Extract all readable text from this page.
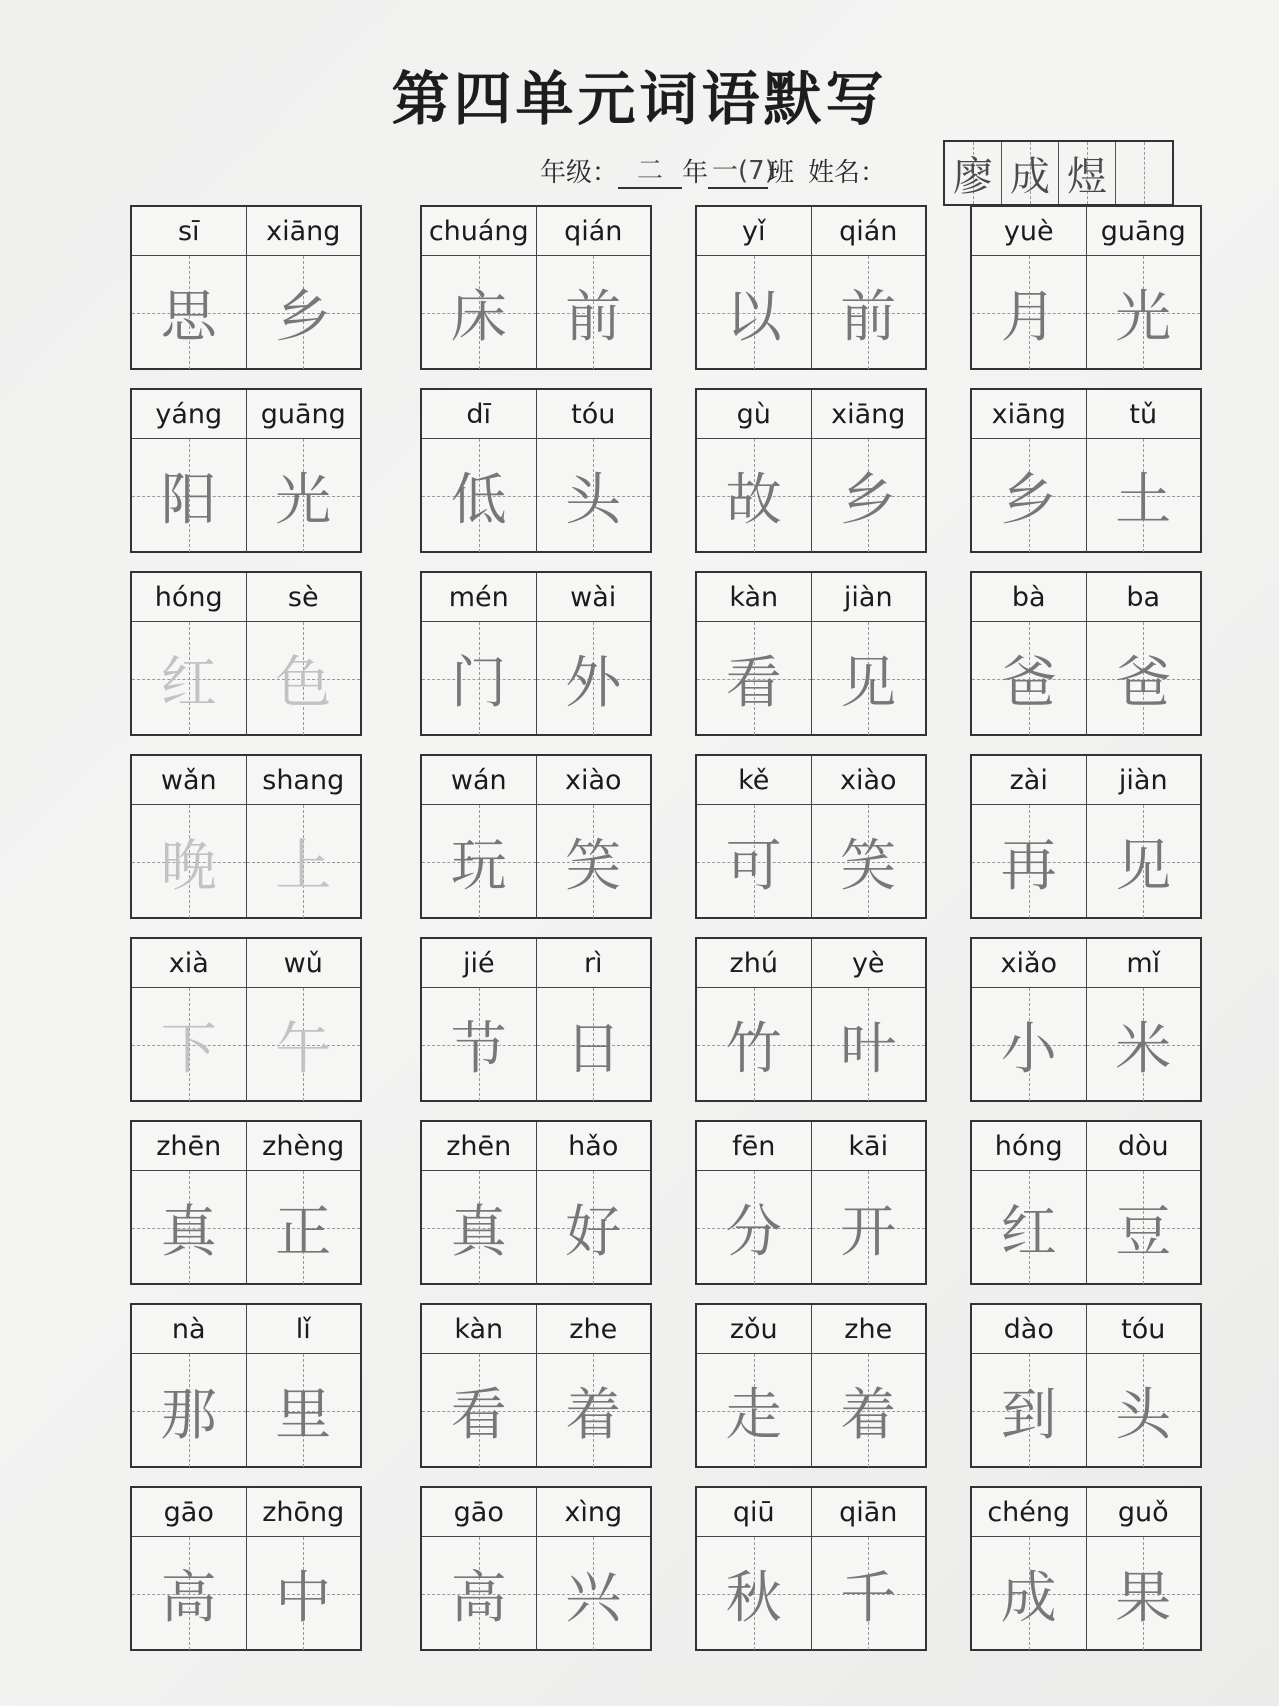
第四单元词语默写
年级： 二 年 一(7)
班 姓名： 廖 成 煜
sī	xiāng
思 乡
chuáng	qián
床 前
yǐ	qián
以 前
yuè	guāng
月 光
yáng	guāng
阳 光
dī	tóu
低 头
gù	xiāng
故 乡
xiāng	tǔ
乡 土
hóng	sè
红 色
mén	wài
门 外
kàn	jiàn
看 见
bà	ba
爸 爸
wǎn	shang
晚 上
wán	xiào
玩 笑
kě	xiào
可 笑
zài	jiàn
再 见
xià	wǔ
下 午
jié	rì
节 日
zhú	yè
竹 叶
xiǎo	mǐ
小 米
zhēn	zhèng
真 正
zhēn	hǎo
真 好
fēn	kāi
分 开
hóng	dòu
红 豆
nà	lǐ
那 里
kàn	zhe
看 着
zǒu	zhe
走 着
dào	tóu
到 头
gāo	zhōng
高 中
gāo	xìng
高 兴
qiū	qiān
秋 千
chéng	guǒ
成 果
